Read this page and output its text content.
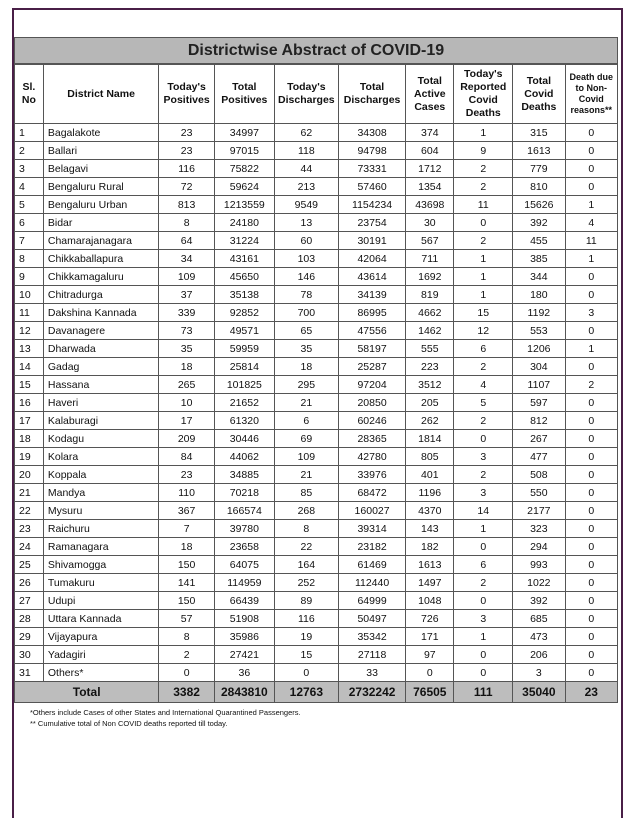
Districtwise Abstract of COVID-19
Sl.
No	District Name	Today's Positives	Total Positives	Today's Discharges	Total Discharges	Total Active Cases	Today's Reported Covid Deaths	Total Covid Deaths	Death due to Non-Covid reasons**
1	Bagalakote	23	34997	62	34308	374	1	315	0
2	Ballari	23	97015	118	94798	604	9	1613	0
3	Belagavi	116	75822	44	73331	1712	2	779	0
4	Bengaluru Rural	72	59624	213	57460	1354	2	810	0
5	Bengaluru Urban	813	1213559	9549	1154234	43698	11	15626	1
6	Bidar	8	24180	13	23754	30	0	392	4
7	Chamarajanagara	64	31224	60	30191	567	2	455	11
8	Chikkaballapura	34	43161	103	42064	711	1	385	1
9	Chikkamagaluru	109	45650	146	43614	1692	1	344	0
10	Chitradurga	37	35138	78	34139	819	1	180	0
11	Dakshina Kannada	339	92852	700	86995	4662	15	1192	3
12	Davanagere	73	49571	65	47556	1462	12	553	0
13	Dharwada	35	59959	35	58197	555	6	1206	1
14	Gadag	18	25814	18	25287	223	2	304	0
15	Hassana	265	101825	295	97204	3512	4	1107	2
16	Haveri	10	21652	21	20850	205	5	597	0
17	Kalaburagi	17	61320	6	60246	262	2	812	0
18	Kodagu	209	30446	69	28365	1814	0	267	0
19	Kolara	84	44062	109	42780	805	3	477	0
20	Koppala	23	34885	21	33976	401	2	508	0
21	Mandya	110	70218	85	68472	1196	3	550	0
22	Mysuru	367	166574	268	160027	4370	14	2177	0
23	Raichuru	7	39780	8	39314	143	1	323	0
24	Ramanagara	18	23658	22	23182	182	0	294	0
25	Shivamogga	150	64075	164	61469	1613	6	993	0
26	Tumakuru	141	114959	252	112440	1497	2	1022	0
27	Udupi	150	66439	89	64999	1048	0	392	0
28	Uttara Kannada	57	51908	116	50497	726	3	685	0
29	Vijayapura	8	35986	19	35342	171	1	473	0
30	Yadagiri	2	27421	15	27118	97	0	206	0
31	Others*	0	36	0	33	0	0	3	0
Total		3382	2843810	12763	2732242	76505	111	35040	23
*Others include Cases of other States and International Quarantined Passengers.
** Cumulative total of Non COVID deaths reported till today.
